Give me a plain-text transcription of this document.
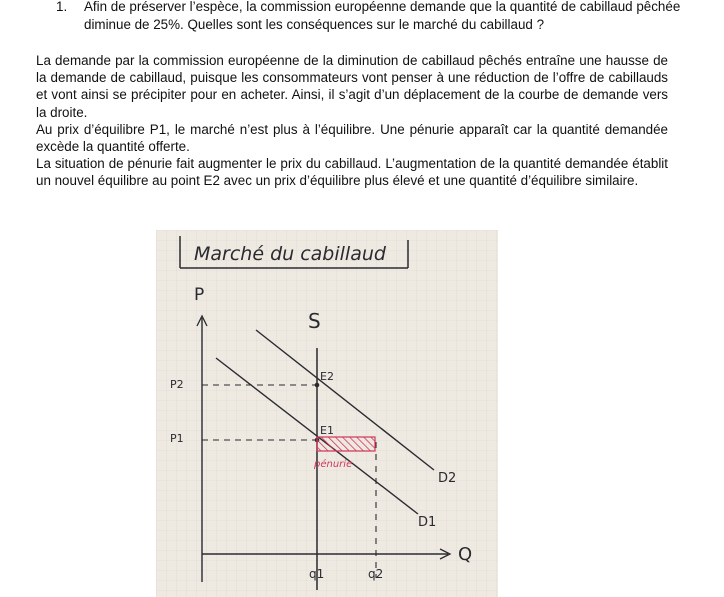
1. Afin de préserver l’espèce, la commission européenne demande que la quantité de cabillaud pêchée diminue de 25%. Quelles sont les conséquences sur le marché du cabillaud ?

La demande par la commission européenne de la diminution de cabillaud pêchés entraîne une hausse de la demande de cabillaud, puisque les consommateurs vont penser à une réduction de l’offre de cabillauds et vont ainsi se précipiter pour en acheter. Ainsi, il s’agit d’un déplacement de la courbe de demande vers la droite.

Au prix d’équilibre P1, le marché n’est plus à l’équilibre. Une pénurie apparaît car la quantité demandée excède la quantité offerte.

La situation de pénurie fait augmenter le prix du cabillaud. L’augmentation de la quantité demandée établit un nouvel équilibre au point E2 avec un prix d’équilibre plus élevé et une quantité d’équilibre similaire.

Marché du cabillaud
P
Q
S
D1
D2
P2
P1
q1	q2
E2
E1
pénurie
